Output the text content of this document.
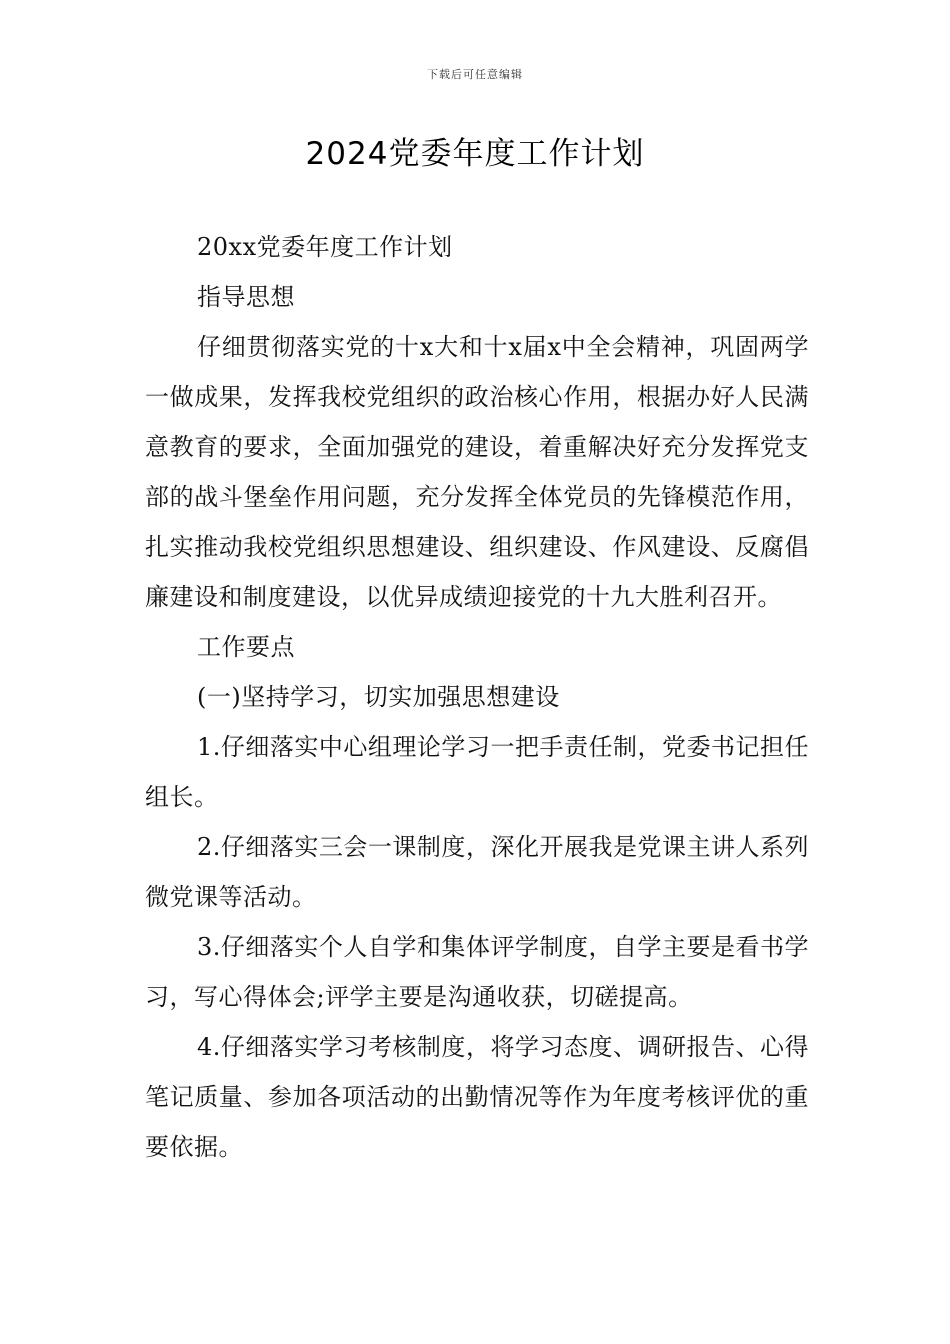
下载后可任意编辑
2024党委年度工作计划

20xx党委年度工作计划

指导思想

仔细贯彻落实党的十x大和十x届x中全会精神，巩固两学一做成果，发挥我校党组织的政治核心作用，根据办好人民满意教育的要求，全面加强党的建设，着重解决好充分发挥党支部的战斗堡垒作用问题，充分发挥全体党员的先锋模范作用，扎实推动我校党组织思想建设、组织建设、作风建设、反腐倡廉建设和制度建设，以优异成绩迎接党的十九大胜利召开。

工作要点

(一)坚持学习，切实加强思想建设

1.仔细落实中心组理论学习一把手责任制，党委书记担任组长。

2.仔细落实三会一课制度，深化开展我是党课主讲人系列微党课等活动。

3.仔细落实个人自学和集体评学制度，自学主要是看书学习，写心得体会;评学主要是沟通收获，切磋提高。

4.仔细落实学习考核制度，将学习态度、调研报告、心得笔记质量、参加各项活动的出勤情况等作为年度考核评优的重要依据。
